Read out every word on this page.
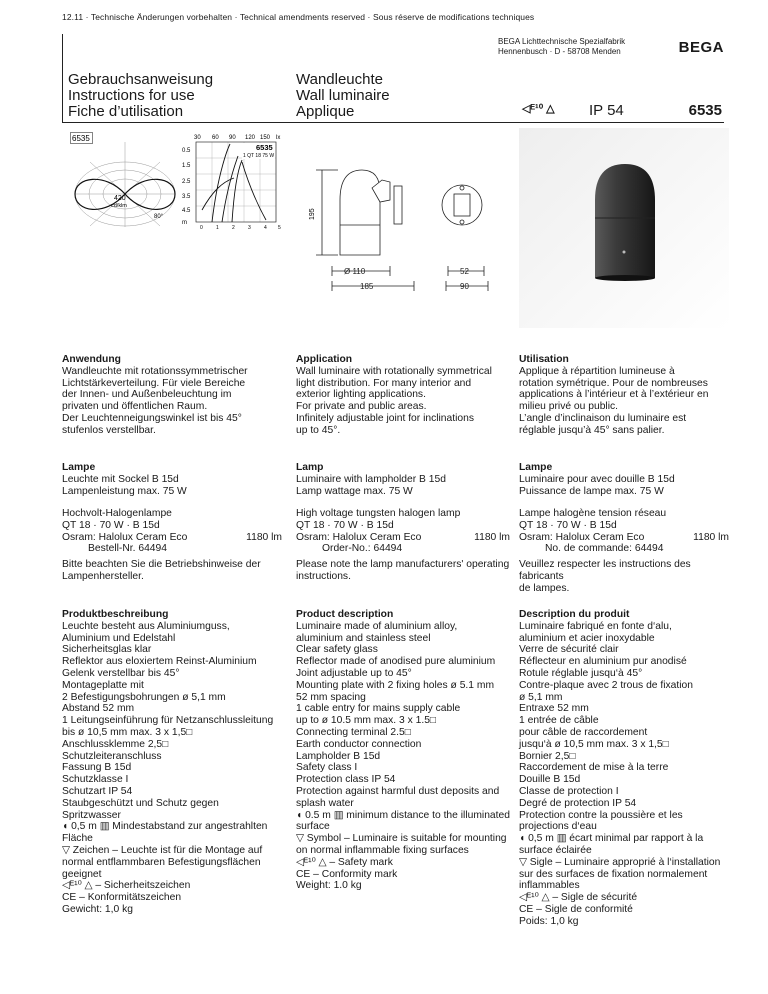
12.11 · Technische Änderungen vorbehalten · Technical amendments reserved · Sous réserve de modifications techniques
BEGA Lichttechnische Spezialfabrik
Hennenbusch · D - 58708 Menden	BEGA
Gebrauchsanweisung
Instructions for use
Fiche d’utilisation
Wandleuchte
Wall luminaire
Applique	◁ᴱ¹⁰ △ IP 54	6535
6535
420
cd/klm
80°
30 60 90 120 150 lx
0.5
1.5
2.5
3.5
4.5
m
6535
1 QT 18 75 W
0	1	2	3	4 5
195
Ø 110
185
52
90
Anwendung
Wandleuchte mit rotationssymmetrischer
Lichtstärkeverteilung. Für viele Bereiche
der Innen- und Außenbeleuchtung im
privaten und öffentlichen Raum.
Der Leuchtenneigungswinkel ist bis 45°
stufenlos verstellbar.
Lampe
Leuchte mit Sockel B 15d
Lampenleistung max. 75 W
Hochvolt-Halogenlampe
QT 18 · 70 W · B 15d
Osram: Halolux Ceram Eco	1180 lm
Bestell-Nr. 64494
Bitte beachten Sie die Betriebshinweise der
Lampenhersteller.
Produktbeschreibung
Leuchte besteht aus Aluminiumguss,
Aluminium und Edelstahl
Sicherheitsglas klar
Reflektor aus eloxiertem Reinst-Aluminium
Gelenk verstellbar bis 45°
Montageplatte mit
2 Befestigungsbohrungen ø 5,1 mm
Abstand 52 mm
1 Leitungseinführung für Netzanschlussleitung
bis ø 10,5 mm max. 3 x 1,5□
Anschlussklemme 2,5□
Schutzleiteranschluss
Fassung B 15d
Schutzklasse I
Schutzart IP 54
Staubgeschützt und Schutz gegen
Spritzwasser
◖ 0,5 m ▥ Mindestabstand zur angestrahlten
Fläche
▽ Zeichen – Leuchte ist für die Montage auf
normal entflammbaren Befestigungsflächen
geeignet
◁ᴱ¹⁰ △ – Sicherheitszeichen
CE – Konformitätszeichen
Gewicht: 1,0 kg
Application
Wall luminaire with rotationally symmetrical
light distribution. For many interior and
exterior lighting applications.
For private and public areas.
Infinitely adjustable joint for inclinations
up to 45°.
Lamp
Luminaire with lampholder B 15d
Lamp wattage max. 75 W
High voltage tungsten halogen lamp
QT 18 · 70 W · B 15d
Osram: Halolux Ceram Eco	1180 lm
Order-No.: 64494
Please note the lamp manufacturers' operating
instructions.
Product description
Luminaire made of aluminium alloy,
aluminium and stainless steel
Clear safety glass
Reflector made of anodised pure aluminium
Joint adjustable up to 45°
Mounting plate with 2 fixing holes ø 5.1 mm
52 mm spacing
1 cable entry for mains supply cable
up to ø 10.5 mm max. 3 x 1.5□
Connecting terminal 2.5□
Earth conductor connection
Lampholder B 15d
Safety class I
Protection class IP 54
Protection against harmful dust deposits and
splash water
◖ 0.5 m ▥ minimum distance to the illuminated
surface
▽ Symbol – Luminaire is suitable for mounting
on normal inflammable fixing surfaces
◁ᴱ¹⁰ △ – Safety mark
CE – Conformity mark
Weight: 1.0 kg
Utilisation
Applique à répartition lumineuse à
rotation symétrique. Pour de nombreuses
applications à l’intérieur et à l’extérieur en
milieu privé ou public.
L’angle d’inclinaison du luminaire est
réglable jusqu’à 45° sans palier.
Lampe
Luminaire pour avec douille B 15d
Puissance de lampe max. 75 W
Lampe halogène tension réseau
QT 18 · 70 W · B 15d
Osram: Halolux Ceram Eco	1180 lm
No. de commande: 64494
Veuillez respecter les instructions des fabricants
de lampes.
Description du produit
Luminaire fabriqué en fonte d‘alu,
aluminium et acier inoxydable
Verre de sécurité clair
Réflecteur en aluminium pur anodisé
Rotule réglable jusqu‘à 45°
Contre-plaque avec 2 trous de fixation
ø 5,1 mm
Entraxe 52 mm
1 entrée de câble
pour câble de raccordement
jusqu‘à ø 10,5 mm max. 3 x 1,5□
Bornier 2,5□
Raccordement de mise à la terre
Douille B 15d
Classe de protection I
Degré de protection IP 54
Protection contre la poussière et les
projections d‘eau
◖ 0,5 m ▥ écart minimal par rapport à la
surface éclairée
▽ Sigle – Luminaire approprié à l‘installation
sur des surfaces de fixation normalement
inflammables
◁ᴱ¹⁰ △ – Sigle de sécurité
CE – Sigle de conformité
Poids: 1,0 kg
